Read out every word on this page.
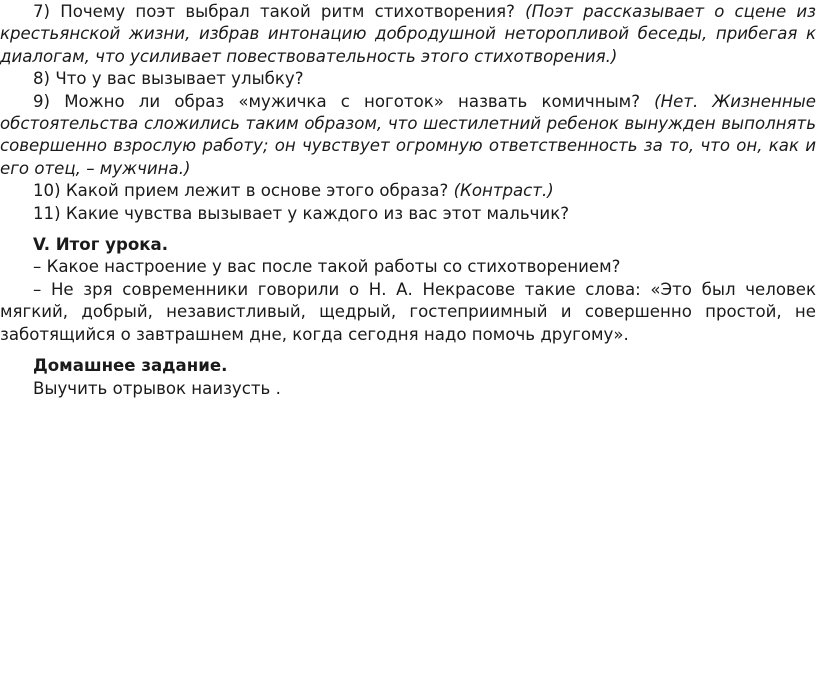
7) Почему поэт выбрал такой ритм стихотворения? (Поэт рассказывает о сцене из крестьянской жизни, избрав интонацию добродушной неторопливой беседы, прибегая к диалогам, что усиливает повествовательность этого стихотворения.)

8) Что у вас вызывает улыбку?

9) Можно ли образ «мужичка с ноготок» назвать комичным? (Нет. Жизненные обстоятельства сложились таким образом, что шестилетний ребенок вынужден выполнять совершенно взрослую работу; он чувствует огромную ответственность за то, что он, как и его отец, – мужчина.)

10) Какой прием лежит в основе этого образа? (Контраст.)

11) Какие чувства вызывает у каждого из вас этот мальчик?

V. Итог урока.

– Какое настроение у вас после такой работы со стихотворением?

– Не зря современники говорили о Н. А. Некрасове такие слова: «Это был человек мягкий, добрый, независтливый, щедрый, гостеприимный и совершенно простой, не заботящийся о завтрашнем дне, когда сегодня надо помочь другому».

Домашнее задание.

Выучить отрывок наизусть .
